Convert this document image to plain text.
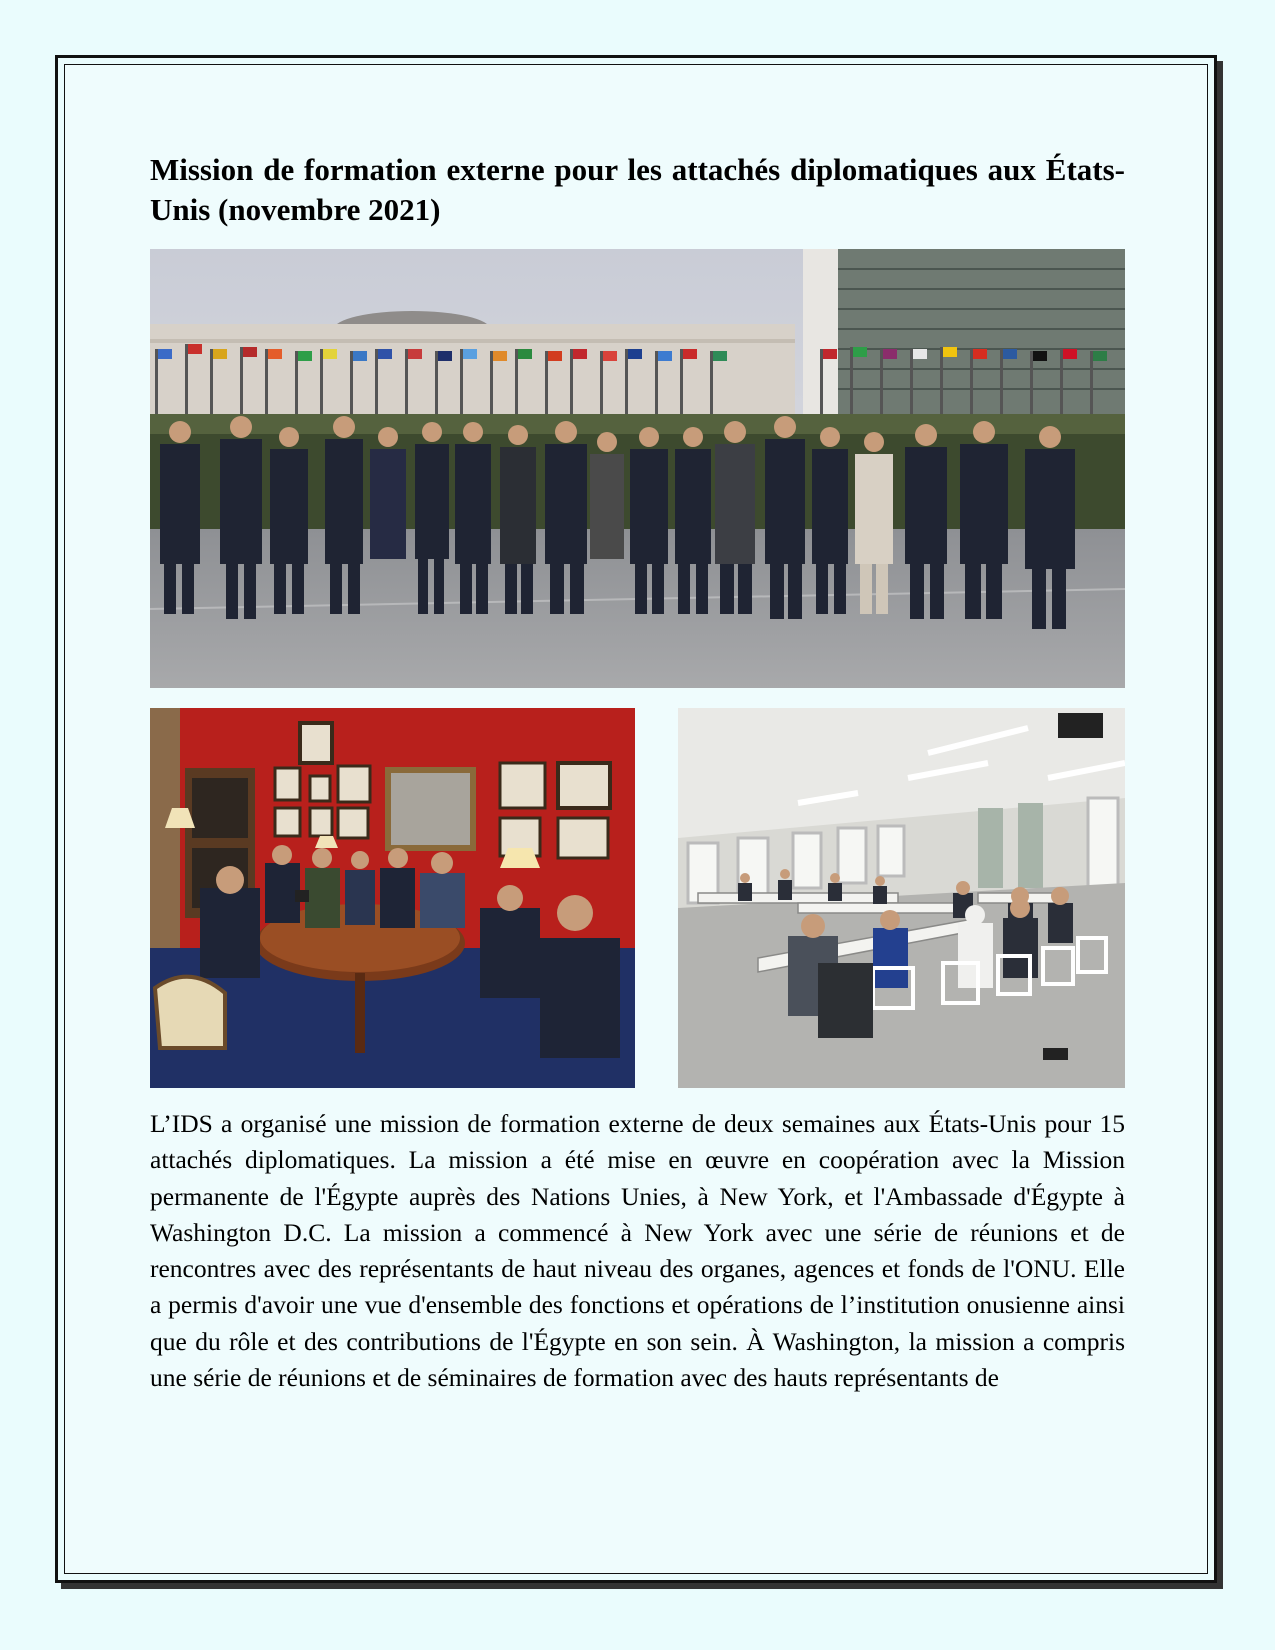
Mission de formation externe pour les attachés diplomatiques aux États-Unis (novembre 2021)

L’IDS a organisé une mission de formation externe de deux semaines aux États-Unis pour 15 attachés diplomatiques. La mission a été mise en œuvre en coopération avec la Mission permanente de l'Égypte auprès des Nations Unies, à New York, et l'Ambassade d'Égypte à Washington D.C. La mission a commencé à New York avec une série de réunions et de rencontres avec des représentants de haut niveau des organes, agences et fonds de l'ONU. Elle a permis d'avoir une vue d'ensemble des fonctions et opérations de l’institution onusienne ainsi que du rôle et des contributions de l'Égypte en son sein. À Washington, la mission a compris une série de réunions et de séminaires de formation avec des hauts représentants de
